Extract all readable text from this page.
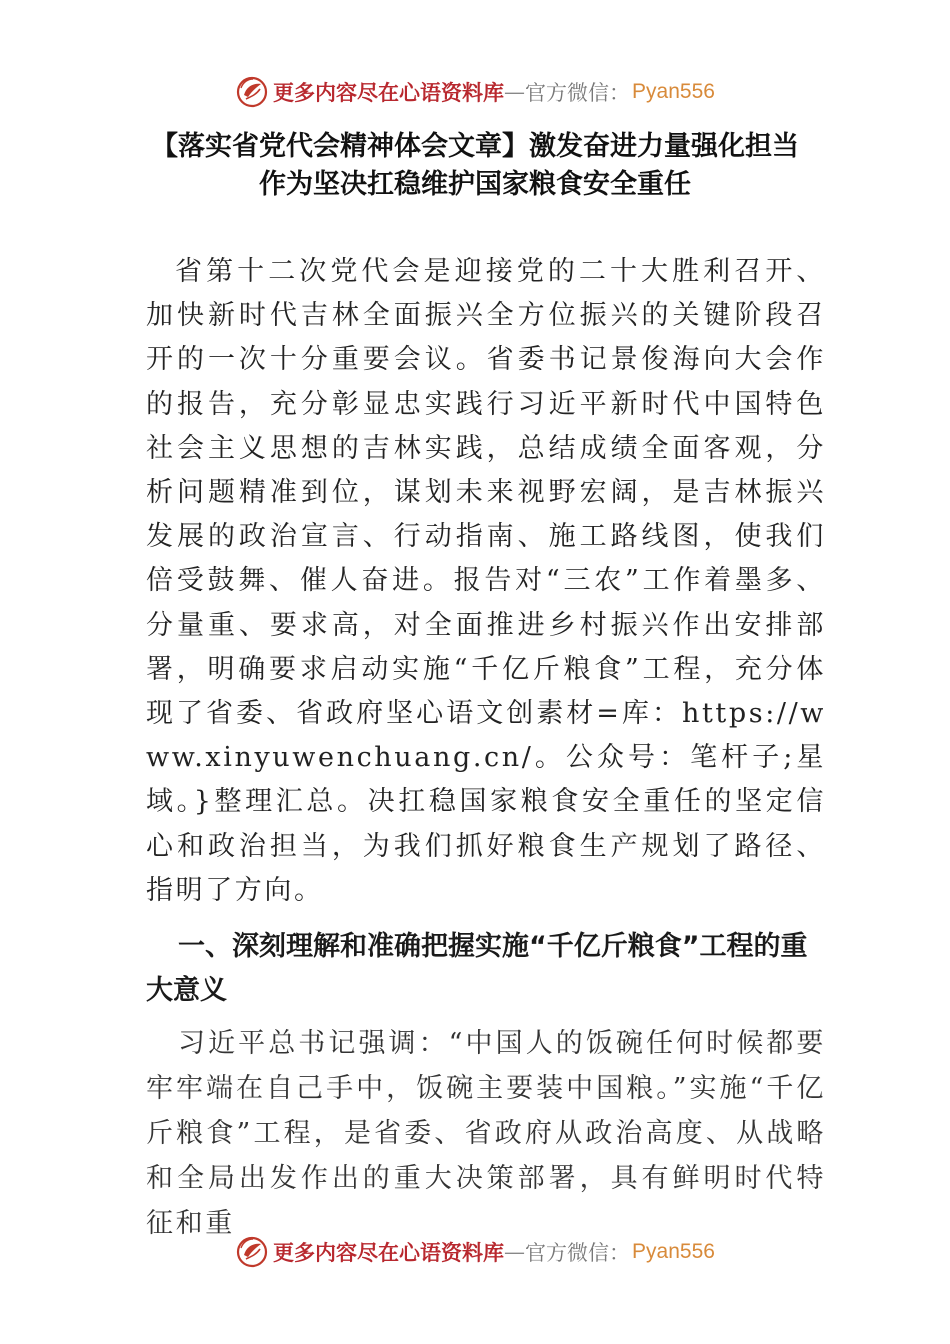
更多内容尽在心语资料库 — 官方微信： Pyan556
【落实省党代会精神体会文章】激发奋进力量强化担当
作为坚决扛稳维护国家粮食安全重任

省第十二次党代会是迎接党的二十大胜利召开、加快新时代吉林全面振兴全方位振兴的关键阶段召开的一次十分重要会议。省委书记景俊海向大会作的报告，充分彰显忠实践行习近平新时代中国特色社会主义思想的吉林实践，总结成绩全面客观，分析问题精准到位，谋划未来视野宏阔，是吉林振兴发展的政治宣言、行动指南、施工路线图，使我们倍受鼓舞、催人奋进。报告对“三农”工作着墨多、分量重、要求高，对全面推进乡村振兴作出安排部署，明确要求启动实施“千亿斤粮食”工程，充分体现了省委、省政府坚心语文创素材=库：https://www.xinyuwenchuang.cn/。公众号：笔杆子;星域。}整理汇总。决扛稳国家粮食安全重任的坚定信心和政治担当，为我们抓好粮食生产规划了路径、指明了方向。

一、深刻理解和准确把握实施“千亿斤粮食”工程的重大意义

习近平总书记强调：“中国人的饭碗任何时候都要牢牢端在自己手中，饭碗主要装中国粮。”实施“千亿斤粮食”工程，是省委、省政府从政治高度、从战略和全局出发作出的重大决策部署，具有鲜明时代特征和重

更多内容尽在心语资料库 — 官方微信： Pyan556
